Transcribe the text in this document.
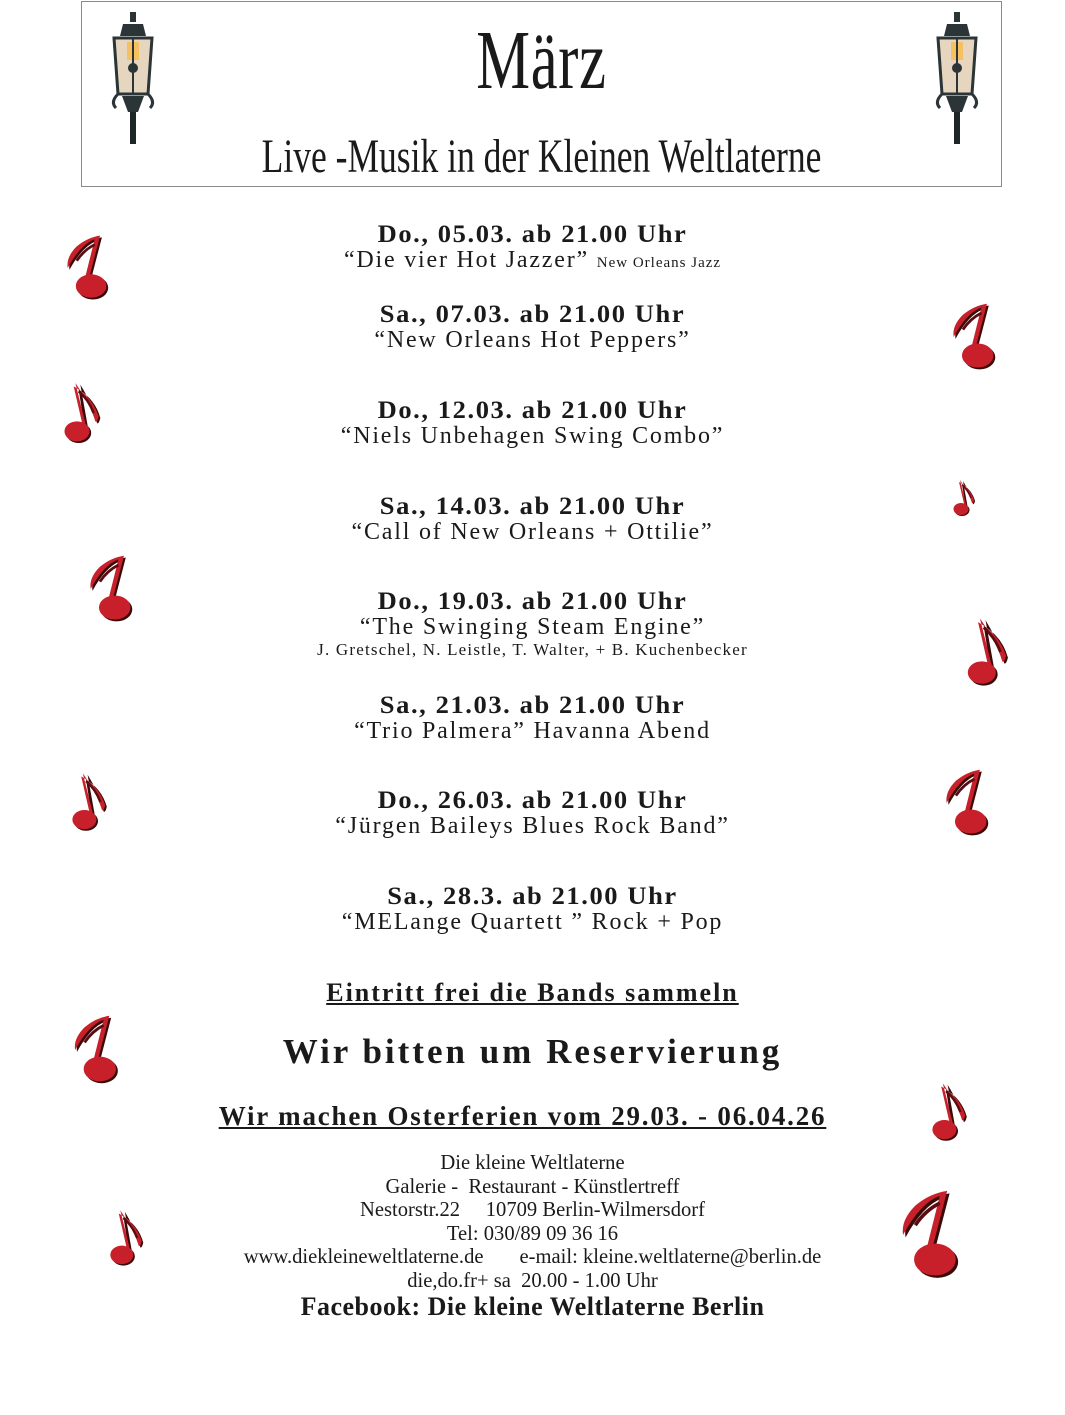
März
Live -Musik in der Kleinen Weltlaterne
Do., 05.03. ab 21.00 Uhr
“Die vier Hot Jazzer” New Orleans Jazz
Sa., 07.03. ab 21.00 Uhr
“New Orleans Hot Peppers”
Do., 12.03. ab 21.00 Uhr
“Niels Unbehagen Swing Combo”
Sa., 14.03. ab 21.00 Uhr
“Call of New Orleans + Ottilie”
Do., 19.03. ab 21.00 Uhr
“The Swinging Steam Engine”
J. Gretschel, N. Leistle, T. Walter, + B. Kuchenbecker
Sa., 21.03. ab 21.00 Uhr
“Trio Palmera” Havanna Abend
Do., 26.03. ab 21.00 Uhr
“Jürgen Baileys Blues Rock Band”
Sa., 28.3. ab 21.00 Uhr
“MELange Quartett ” Rock + Pop
Eintritt frei die Bands sammeln
Wir bitten um Reservierung
Wir machen Osterferien vom 29.03. - 06.04.26
Die kleine Weltlaterne
Galerie -  Restaurant - Künstlertreff
Nestorstr.22     10709 Berlin-Wilmersdorf
Tel: 030/89 09 36 16
www.diekleineweltlaterne.de       e-mail: kleine.weltlaterne@berlin.de
die,do.fr+ sa  20.00 - 1.00 Uhr
Facebook: Die kleine Weltlaterne Berlin
